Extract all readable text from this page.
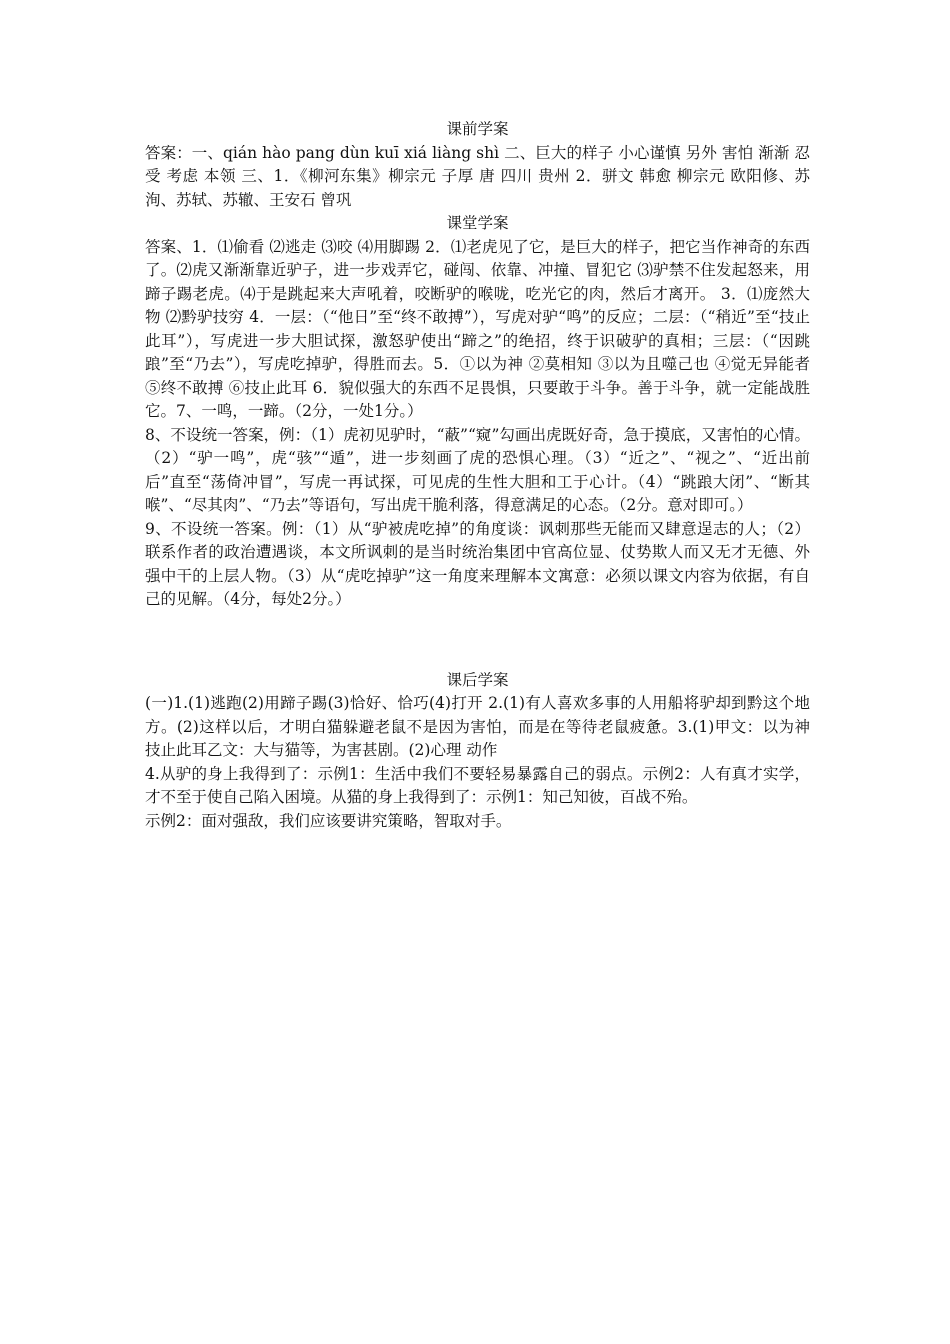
课前学案

答案：一、qián hào pang dùn kuī xiá liàng shì 二、巨大的样子 小心谨慎 另外 害怕 渐渐 忍受 考虑 本领 三、1．《柳河东集》柳宗元 子厚 唐 四川 贵州 2．骈文 韩愈 柳宗元 欧阳修、苏洵、苏轼、苏辙、王安石 曾巩

课堂学案

答案、1．⑴偷看 ⑵逃走 ⑶咬 ⑷用脚踢 2．⑴老虎见了它，是巨大的样子，把它当作神奇的东西了。⑵虎又渐渐靠近驴子，进一步戏弄它，碰闯、依靠、冲撞、冒犯它 ⑶驴禁不住发起怒来，用蹄子踢老虎。⑷于是跳起来大声吼着，咬断驴的喉咙，吃光它的肉，然后才离开。 3．⑴庞然大物 ⑵黔驴技穷 4．一层：（“他日”至“终不敢搏”），写虎对驴“鸣”的反应；二层：（“稍近”至“技止此耳”），写虎进一步大胆试探，激怒驴使出“蹄之”的绝招，终于识破驴的真相；三层：（“因跳踉”至“乃去”），写虎吃掉驴，得胜而去。5．①以为神 ②莫相知 ③以为且噬己也 ④觉无异能者 ⑤终不敢搏 ⑥技止此耳 6．貌似强大的东西不足畏惧，只要敢于斗争。善于斗争，就一定能战胜它。7、一鸣，一蹄。（2分，一处1分。）

8、不设统一答案，例：（1）虎初见驴时，“蔽”“窥”勾画出虎既好奇，急于摸底，又害怕的心情。（2）“驴一鸣”，虎“骇”“遁”，进一步刻画了虎的恐惧心理。（3）“近之”、“视之”、“近出前后”直至“荡倚冲冒”，写虎一再试探，可见虎的生性大胆和工于心计。（4）“跳踉大闭”、“断其喉”、“尽其肉”、“乃去”等语句，写出虎干脆利落，得意满足的心态。（2分。意对即可。）

9、不设统一答案。例：（1）从“驴被虎吃掉”的角度谈：讽刺那些无能而又肆意逞志的人；（2）联系作者的政治遭遇谈，本文所讽刺的是当时统治集团中官高位显、仗势欺人而又无才无德、外强中干的上层人物。（3）从“虎吃掉驴”这一角度来理解本文寓意：必须以课文内容为依据，有自己的见解。（4分，每处2分。）

课后学案

(一)1.(1)逃跑(2)用蹄子踢(3)恰好、恰巧(4)打开 2.(1)有人喜欢多事的人用船将驴却到黔这个地方。(2)这样以后，才明白猫躲避老鼠不是因为害怕，而是在等待老鼠疲惫。3.(1)甲文：以为神 技止此耳乙文：大与猫等，为害甚剧。(2)心理 动作

4.从驴的身上我得到了：示例1：生活中我们不要轻易暴露自己的弱点。示例2：人有真才实学，才不至于使自己陷入困境。从猫的身上我得到了：示例1：知己知彼，百战不殆。

示例2：面对强敌，我们应该要讲究策略，智取对手。
